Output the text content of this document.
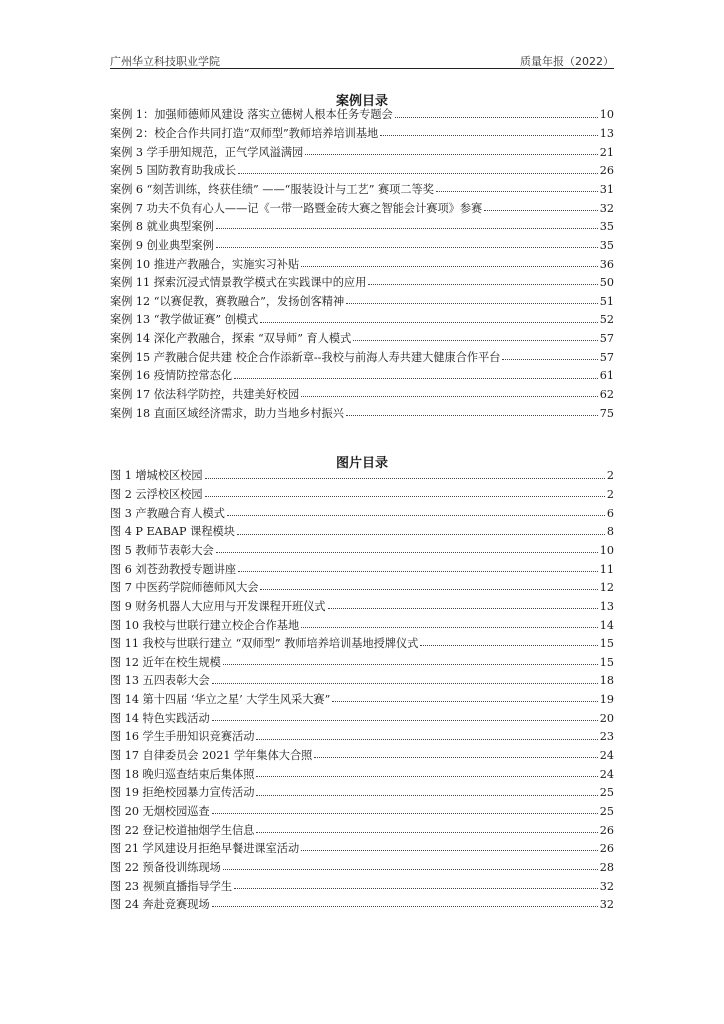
广州华立科技职业学院	质量年报（2022）
案例目录
案例 1：加强师德师风建设 落实立德树人根本任务专题会	10
案例 2：校企合作共同打造“双师型”教师培养培训基地	13
案例 3 学手册知规范，正气学风溢满园	21
案例 5 国防教育助我成长	26
案例 6 “刻苦训练，终获佳绩” ——“服装设计与工艺” 赛项二等奖	31
案例 7 功夫不负有心人——记《一带一路暨金砖大赛之智能会计赛项》参赛	32
案例 8 就业典型案例	35
案例 9 创业典型案例	35
案例 10 推进产教融合，实施实习补贴	36
案例 11 探索沉浸式情景教学模式在实践课中的应用	50
案例 12 “以赛促教，赛教融合”，发扬创客精神	51
案例 13 “教学做证赛” 创模式	52
案例 14 深化产教融合，探索 “双导师” 育人模式	57
案例 15 产教融合促共建 校企合作添新章--我校与前海人寿共建大健康合作平台	57
案例 16 疫情防控常态化	61
案例 17 依法科学防控，共建美好校园	62
案例 18 直面区域经济需求，助力当地乡村振兴	75
图片目录
图 1 增城校区校园	2
图 2 云浮校区校园	2
图 3 产教融合育人模式	6
图 4 P EABAP 课程模块	8
图 5 教师节表彰大会	10
图 6 刘苍劲教授专题讲座	11
图 7 中医药学院师德师风大会	12
图 9 财务机器人大应用与开发课程开班仪式	13
图 10 我校与世联行建立校企合作基地	14
图 11 我校与世联行建立 “双师型” 教师培养培训基地授牌仪式	15
图 12 近年在校生规模	15
图 13 五四表彰大会	18
图 14 第十四届 ‘华立之星’ 大学生风采大赛”	19
图 14 特色实践活动	20
图 16 学生手册知识竞赛活动	23
图 17 自律委员会 2021 学年集体大合照	24
图 18 晚归巡查结束后集体照	24
图 19 拒绝校园暴力宣传活动	25
图 20 无烟校园巡查	25
图 22 登记校道抽烟学生信息	26
图 21 学风建设月拒绝早餐进课室活动	26
图 22 预备役训练现场	28
图 23 视频直播指导学生	32
图 24 奔赴竞赛现场	32
